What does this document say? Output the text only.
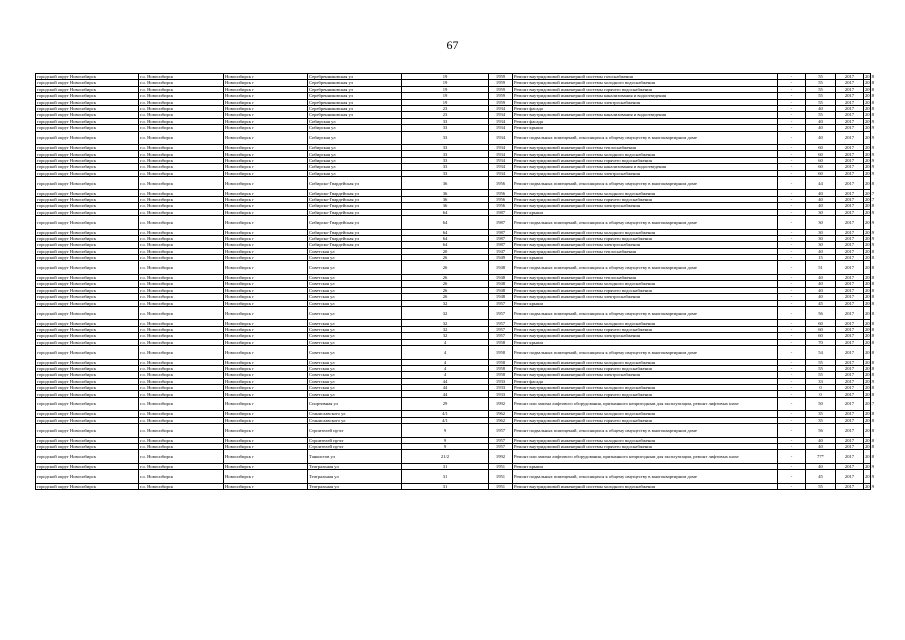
67
городской округ Новосибирск	г.о. Новосибирск	Новосибирск г	Серебренниковская ул	19	1959	Ремонт внутридомовой инженерной системы газоснабжения	-	55	2017	2018
городской округ Новосибирск	г.о. Новосибирск	Новосибирск г	Серебренниковская ул	19	1959	Ремонт внутридомовой инженерной системы холодного водоснабжения	-	55	2017	2018
городской округ Новосибирск	г.о. Новосибирск	Новосибирск г	Серебренниковская ул	19	1959	Ремонт внутридомовой инженерной системы горячего водоснабжения	-	55	2017	2018
городской округ Новосибирск	г.о. Новосибирск	Новосибирск г	Серебренниковская ул	19	1959	Ремонт внутридомовой инженерной системы канализования и водоотведения	-	55	2017	2018
городской округ Новосибирск	г.о. Новосибирск	Новосибирск г	Серебренниковская ул	19	1959	Ремонт внутридомовой инженерной системы электроснабжения	-	55	2017	2018
городской округ Новосибирск	г.о. Новосибирск	Новосибирск г	Серебренниковская ул	23	1934	Ремонт фасада	-	40	2017	2018
городской округ Новосибирск	г.о. Новосибирск	Новосибирск г	Серебренниковская ул	23	1934	Ремонт внутридомовой инженерной системы канализования и водоотведения	-	55	2017	2018
городской округ Новосибирск	г.о. Новосибирск	Новосибирск г	Сибирская ул	33	1934	Ремонт фасада	-	40	2017	2019
городской округ Новосибирск	г.о. Новосибирск	Новосибирск г	Сибирская ул	33	1934	Ремонт крыши	-	40	2017	2019
городской округ Новосибирск	г.о. Новосибирск	Новосибирск г	Сибирская ул	33	1934	Ремонт подвальных помещений, относящихся к общему имуществу в многоквартирном доме	-	40	2017	2019
городской округ Новосибирск	г.о. Новосибирск	Новосибирск г	Сибирская ул	33	1934	Ремонт внутридомовой инженерной системы теплоснабжения	-	60	2017	2019
городской округ Новосибирск	г.о. Новосибирск	Новосибирск г	Сибирская ул	33	1934	Ремонт внутридомовой инженерной системы холодного водоснабжения	-	60	2017	2019
городской округ Новосибирск	г.о. Новосибирск	Новосибирск г	Сибирская ул	33	1934	Ремонт внутридомовой инженерной системы горячего водоснабжения	-	60	2017	2019
городской округ Новосибирск	г.о. Новосибирск	Новосибирск г	Сибирская ул	33	1934	Ремонт внутридомовой инженерной системы канализования и водоотведения	-	60	2017	2019
городской округ Новосибирск	г.о. Новосибирск	Новосибирск г	Сибирская ул	33	1934	Ремонт внутридомовой инженерной системы электроснабжения	-	60	2017	2019
городской округ Новосибирск	г.о. Новосибирск	Новосибирск г	Сибирско-Гвардейская ул	36	1956	Ремонт подвальных помещений, относящихся к общему имуществу в многоквартирном доме	-	44	2017	2018
городской округ Новосибирск	г.о. Новосибирск	Новосибирск г	Сибирско-Гвардейская ул	36	1956	Ремонт внутридомовой инженерной системы холодного водоснабжения	-	40	2017	2017
городской округ Новосибирск	г.о. Новосибирск	Новосибирск г	Сибирско-Гвардейская ул	36	1956	Ремонт внутридомовой инженерной системы горячего водоснабжения	-	40	2017	2017
городской округ Новосибирск	г.о. Новосибирск	Новосибирск г	Сибирско-Гвардейская ул	36	1956	Ремонт внутридомовой инженерной системы электроснабжения	-	40	2017	2018
городской округ Новосибирск	г.о. Новосибирск	Новосибирск г	Сибирско-Гвардейская ул	64	1987	Ремонт крыши	-	30	2017	2019
городской округ Новосибирск	г.о. Новосибирск	Новосибирск г	Сибирско-Гвардейская ул	64	1987	Ремонт подвальных помещений, относящихся к общему имуществу в многоквартирном доме	-	30	2017	2019
городской округ Новосибирск	г.о. Новосибирск	Новосибирск г	Сибирско-Гвардейская ул	64	1987	Ремонт внутридомовой инженерной системы холодного водоснабжения	-	30	2017	2019
городской округ Новосибирск	г.о. Новосибирск	Новосибирск г	Сибирско-Гвардейская ул	64	1987	Ремонт внутридомовой инженерной системы горячего водоснабжения	-	30	2017	2019
городской округ Новосибирск	г.о. Новосибирск	Новосибирск г	Сибирско-Гвардейская ул	64	1987	Ремонт внутридомовой инженерной системы электроснабжения	-	30	2017	2019
городской округ Новосибирск	г.о. Новосибирск	Новосибирск г	Советская ул	20	1947	Ремонт внутридомовой инженерной системы теплоснабжения	-	40	2017	2018
городской округ Новосибирск	г.о. Новосибирск	Новосибирск г	Советская ул	26	1949	Ремонт крыши	-	15	2017	2018
городской округ Новосибирск	г.о. Новосибирск	Новосибирск г	Советская ул	26	1948	Ремонт подвальных помещений, относящихся к общему имуществу в многоквартирном доме	-	51	2017	2018
городской округ Новосибирск	г.о. Новосибирск	Новосибирск г	Советская ул	26	1948	Ремонт внутридомовой инженерной системы теплоснабжения	-	40	2017	2018
городской округ Новосибирск	г.о. Новосибирск	Новосибирск г	Советская ул	26	1948	Ремонт внутридомовой инженерной системы холодного водоснабжения	-	40	2017	2018
городской округ Новосибирск	г.о. Новосибирск	Новосибирск г	Советская ул	26	1948	Ремонт внутридомовой инженерной системы горячего водоснабжения	-	40	2017	2018
городской округ Новосибирск	г.о. Новосибирск	Новосибирск г	Советская ул	26	1948	Ремонт внутридомовой инженерной системы электроснабжения	-	40	2017	2018
городской округ Новосибирск	г.о. Новосибирск	Новосибирск г	Советская ул	32	1957	Ремонт крыши	-	45	2017	2018
городской округ Новосибирск	г.о. Новосибирск	Новосибирск г	Советская ул	32	1957	Ремонт подвальных помещений, относящихся к общему имуществу в многоквартирном доме	-	56	2017	2018
городской округ Новосибирск	г.о. Новосибирск	Новосибирск г	Советская ул	32	1957	Ремонт внутридомовой инженерной системы холодного водоснабжения	-	60	2017	2018
городской округ Новосибирск	г.о. Новосибирск	Новосибирск г	Советская ул	32	1957	Ремонт внутридомовой инженерной системы горячего водоснабжения	-	60	2017	2018
городской округ Новосибирск	г.о. Новосибирск	Новосибирск г	Советская ул	32	1957	Ремонт внутридомовой инженерной системы электроснабжения	-	60	2017	2018
городской округ Новосибирск	г.о. Новосибирск	Новосибирск г	Советская ул	4	1958	Ремонт крыши	-	70	2017	2018
городской округ Новосибирск	г.о. Новосибирск	Новосибирск г	Советская ул	4	1958	Ремонт подвальных помещений, относящихся к общему имуществу в многоквартирном доме	-	54	2017	2018
городской округ Новосибирск	г.о. Новосибирск	Новосибирск г	Советская ул	4	1958	Ремонт внутридомовой инженерной системы холодного водоснабжения	-	55	2017	2018
городской округ Новосибирск	г.о. Новосибирск	Новосибирск г	Советская ул	4	1958	Ремонт внутридомовой инженерной системы горячего водоснабжения	-	55	2017	2018
городской округ Новосибирск	г.о. Новосибирск	Новосибирск г	Советская ул	4	1958	Ремонт внутридомовой инженерной системы электроснабжения	-	55	2017	2018
городской округ Новосибирск	г.о. Новосибирск	Новосибирск г	Советская ул	44	1933	Ремонт фасада	-	33	2017	2019
городской округ Новосибирск	г.о. Новосибирск	Новосибирск г	Советская ул	44	1933	Ремонт внутридомовой инженерной системы холодного водоснабжения	-	0	2017	2018
городской округ Новосибирск	г.о. Новосибирск	Новосибирск г	Советская ул	44	1933	Ремонт внутридомовой инженерной системы горячего водоснабжения	-	0	2017	2018
городской округ Новосибирск	г.о. Новосибирск	Новосибирск г	Спортивная ул	29	1992	Ремонт или замена лифтового оборудования, признанного непригодным для эксплуатации, ремонт лифтовых шахт	-	50	2017	2017
городской округ Новосибирск	г.о. Новосибирск	Новосибирск г	Станиславского ул	4/1	1962	Ремонт внутридомовой инженерной системы холодного водоснабжения	-	35	2017	2018
городской округ Новосибирск	г.о. Новосибирск	Новосибирск г	Станиславского ул	4/1	1962	Ремонт внутридомовой инженерной системы горячего водоснабжения	-	35	2017	2018
городской округ Новосибирск	г.о. Новосибирск	Новосибирск г	Строителей пр-кт	9	1957	Ремонт подвальных помещений, относящихся к общему имуществу в многоквартирном доме	-	56	2017	2018
городской округ Новосибирск	г.о. Новосибирск	Новосибирск г	Строителей пр-кт	9	1957	Ремонт внутридомовой инженерной системы холодного водоснабжения	-	40	2017	2018
городской округ Новосибирск	г.о. Новосибирск	Новосибирск г	Строителей пр-кт	9	1957	Ремонт внутридомовой инженерной системы горячего водоснабжения	-	40	2017	2018
городской округ Новосибирск	г.о. Новосибирск	Новосибирск г	Танкистов ул	21/2	1992	Ремонт или замена лифтового оборудования, признанного непригодным для эксплуатации, ремонт лифтовых шахт	-	77*	2017	2018
городской округ Новосибирск	г.о. Новосибирск	Новосибирск г	Театральная ул	31	1951	Ремонт крыши	-	40	2017	2019
городской округ Новосибирск	г.о. Новосибирск	Новосибирск г	Театральная ул	31	1951	Ремонт подвальных помещений, относящихся к общему имуществу в многоквартирном доме	-	45	2017	2019
городской округ Новосибирск	г.о. Новосибирск	Новосибирск г	Театральная ул	31	1951	Ремонт внутридомовой инженерной системы холодного водоснабжения	-	55	2017	2019
